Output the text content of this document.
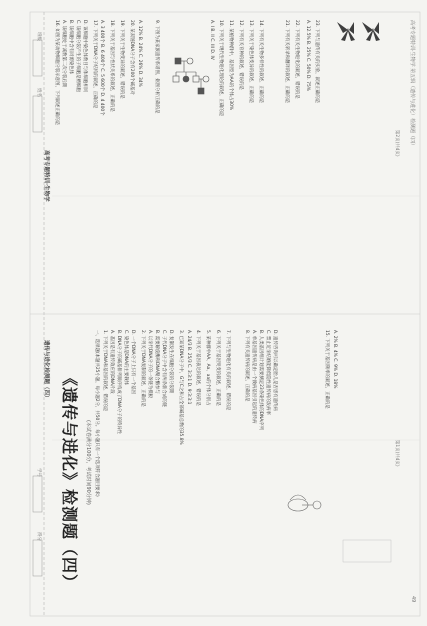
班级
姓名
高考专题特训·生物学
遗传与进化检测题（四）
学号
得分 《遗传与进化》检测题（四）	(本试卷满分100分，考试时间90分钟) 一、选择题(本题共25小题，每小题2分，共50分。每小题只有一个选项符合题目要求) 1. 下列关于DNA和基因的叙述，错误的是 A. 基因是有遗传效应的DNA片段 B. DNA分子的碱基排列顺序构成了DNA分子的特异性 C. 染色体是DNA的主要载体 D. 一个DNA分子上只有一个基因 2. 下列关于DNA复制的叙述，正确的是 A. 以亲代DNA分子的一条链为模板 B. 需要解旋酶和DNA聚合酶参与 C. 子代DNA分子中含有两条新合成的链 D. 复制发生在细胞分裂的分裂期 3. 已知某DNA分子中，G与C之和占全部碱基总数的35.8% A. 24/3 B. 25/3 C. 3:3:1 D. 9:3:3:1 4. 下列关于基因表达的叙述，错误的是 5. 某种群中AA、Aa、aa的个体分别占 6. 下列关于基因突变的叙述，正确的是 7. 下列与生物进化有关的叙述，错误的是	8. 下列有关遗传病的叙述，正确的是 A. 单基因遗传病是由一个致病基因引起的遗传病 B. 人类基因组计划需要测定23条染色体的DNA序列 C. 禁止近亲结婚能降低隐性遗传病的发病率 D. 遗传咨询可以确定胎儿是否患有遗传病	15. 下列关于基因频率的叙述，正确的是 A. 2% B. 4% C. 9% D. 18%
9. 下图为某家族遗传系谱图，据图分析正确的是	A. I B. II C. III D. IV 10. 下列关于现代生物进化理论的叙述，正确的是 11. 某植物种群中，基因型为AA的个体占30% 12. 下列有关育种的叙述，错误的是 13. 下列关于染色体变异的叙述，正确的是 14. 下列有关生物多样性的叙述，正确的是
16. 如图为某动物细胞分裂示意图，下列叙述正确的是 A. 该细胞处于减数第二次分裂后期 B. 该细胞中含有同源染色体 C. 该细胞分裂产生的子细胞是精细胞 D. 该细胞中染色体数目与体细胞相同 17. 下列关于DNA分子结构的叙述，正确的是 A. 3 400个 B. 6 400个 C. 5 600个 D. 4 400个 18. 下列关于基因与性状关系的叙述，正确的是 19. 下列关于生物变异的叙述，错误的是 20. 某双链DNA分子含有200个碱基对 A. 12% B. 24% C. 26% D. 34%	21. 下列有关转录和翻译的叙述，正确的是 22. 下列有关生物进化的叙述，错误的是 A. 12.5% B. 25% C. 50% D. 75% 23. 下列与遗传有关的实验，叙述正确的是	高考专题特训·生物学 第五辑（遗传与进化）检测题（四）
49
第1页(共4页)
第2页(共4页)
